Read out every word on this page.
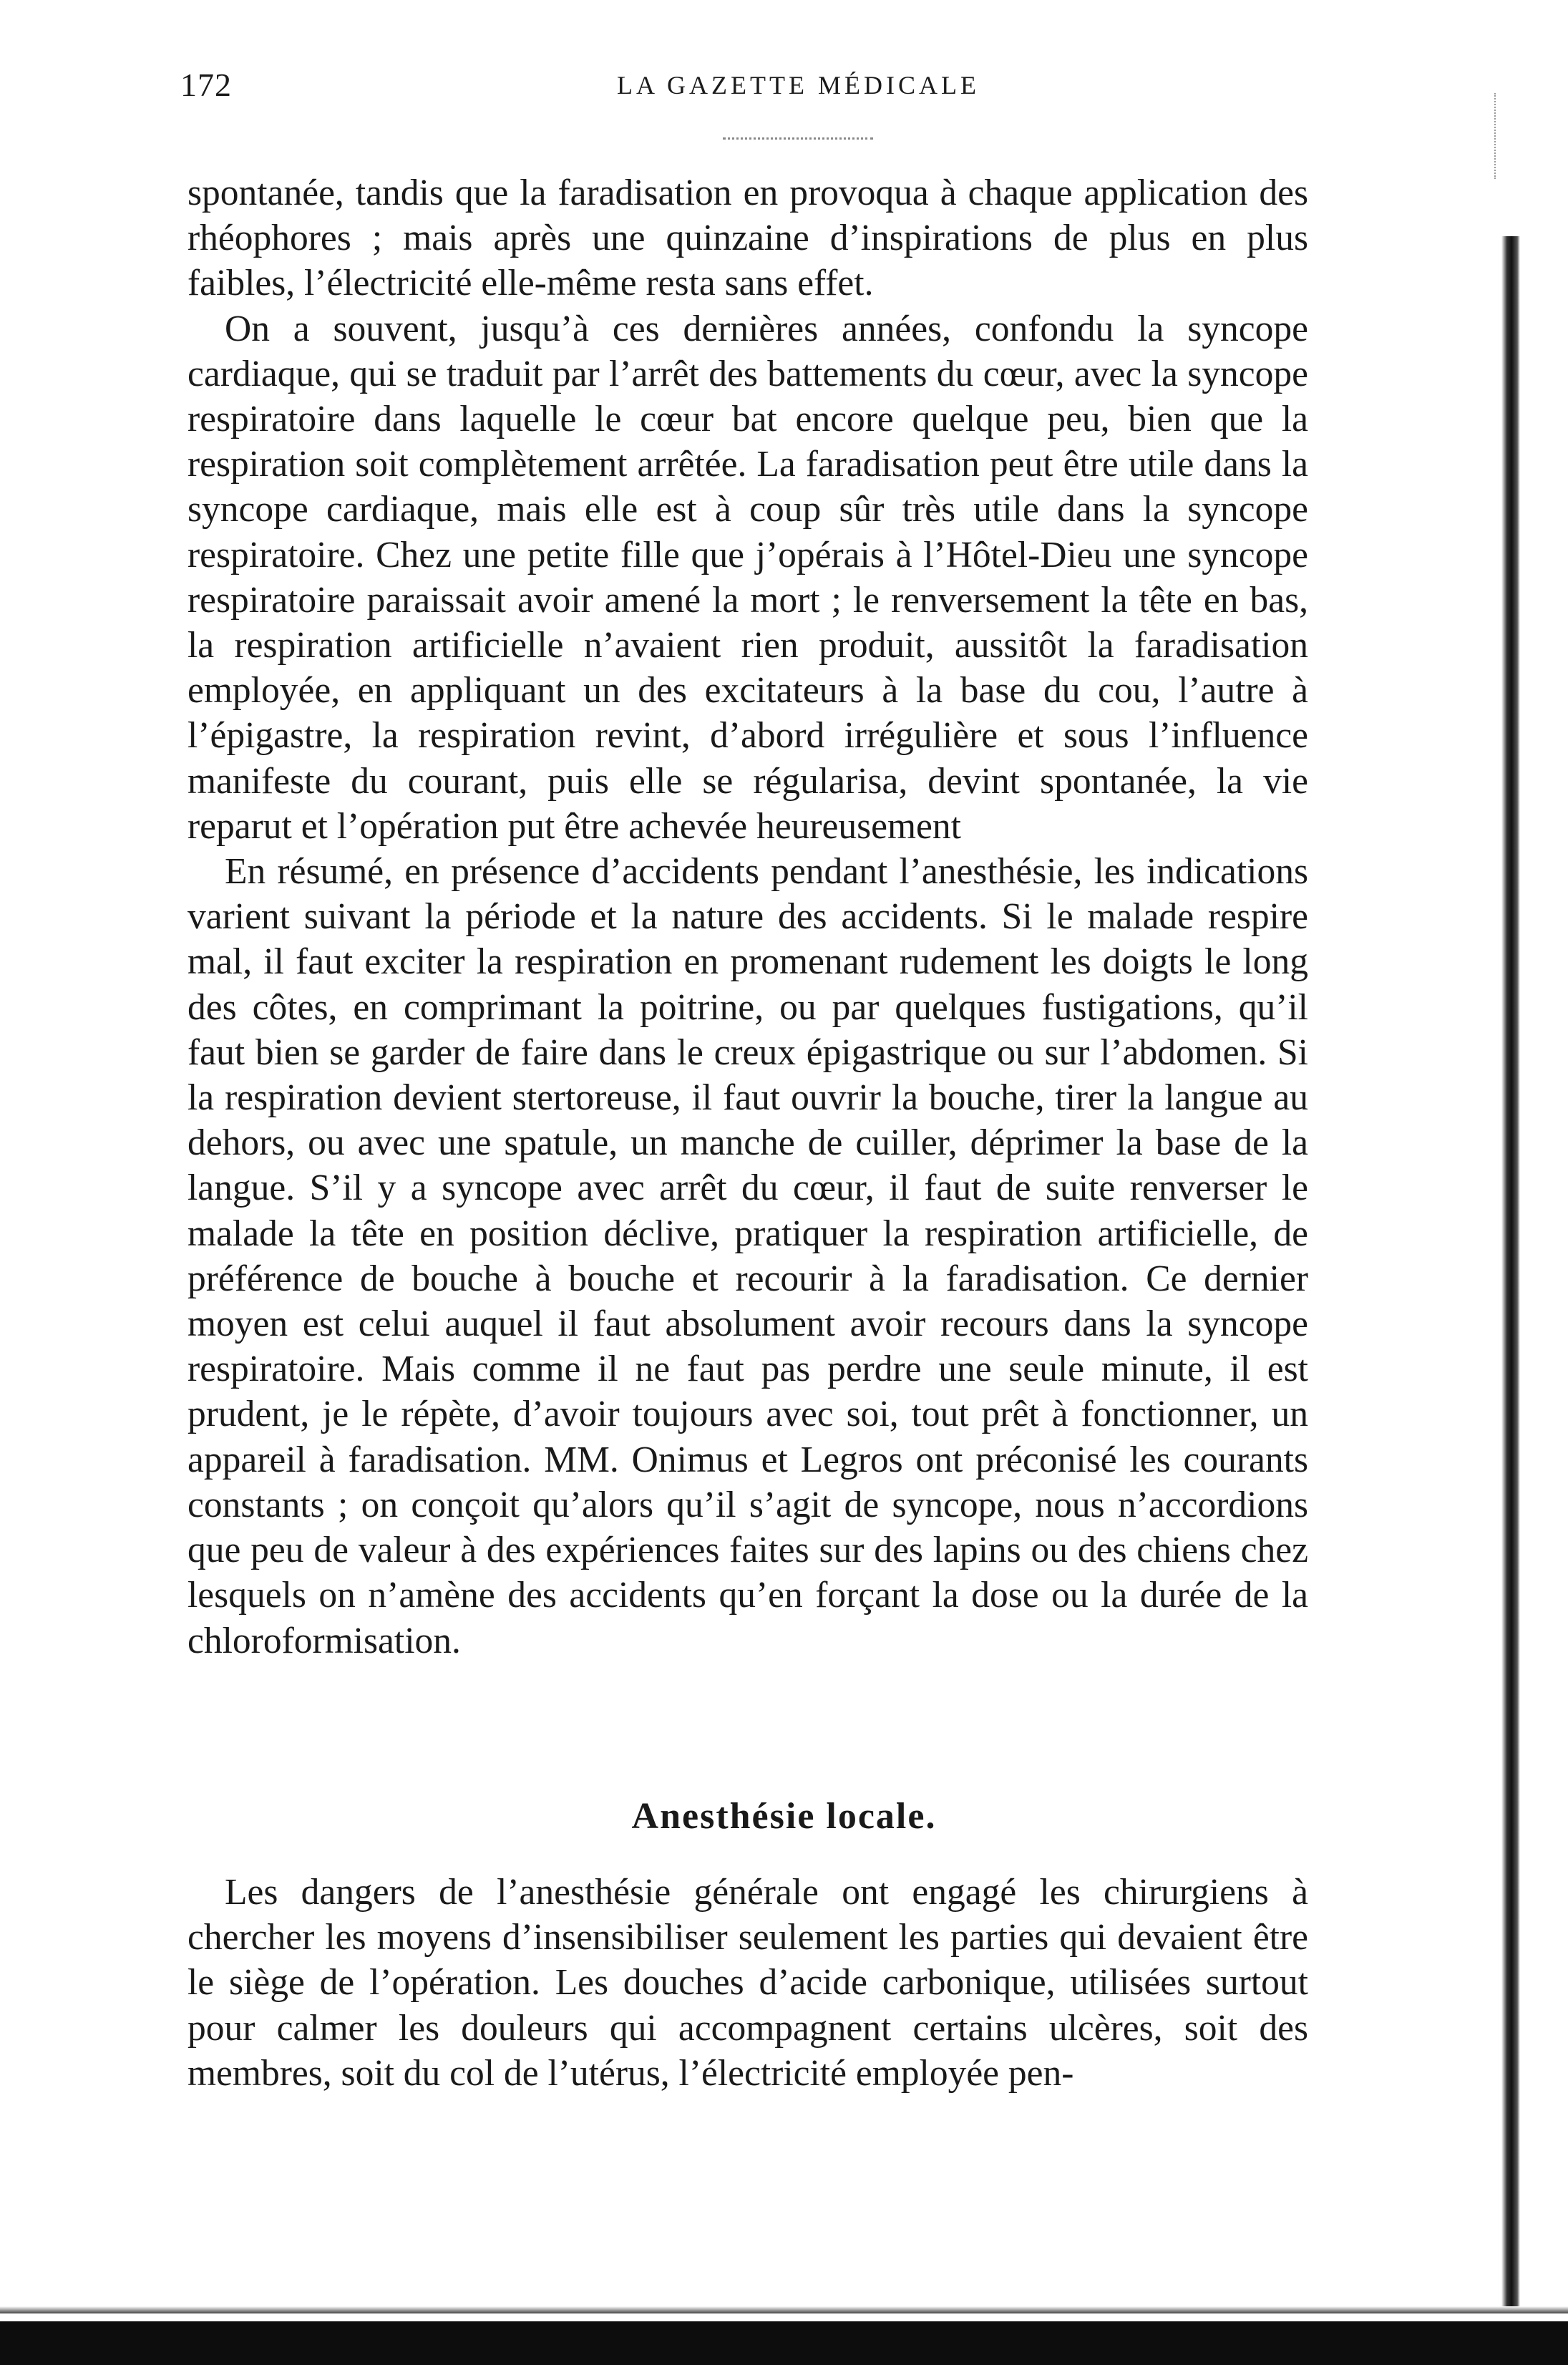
172	LA GAZETTE MÉDICALE

spontanée, tandis que la faradisation en provoqua à chaque application des rhéophores ; mais après une quinzaine d’inspirations de plus en plus faibles, l’électricité elle-même resta sans effet.

On a souvent, jusqu’à ces dernières années, confondu la syncope cardiaque, qui se traduit par l’arrêt des battements du cœur, avec la syncope respiratoire dans laquelle le cœur bat encore quelque peu, bien que la respiration soit complètement arrêtée. La faradisation peut être utile dans la syncope cardiaque, mais elle est à coup sûr très utile dans la syncope respiratoire. Chez une petite fille que j’opérais à l’Hôtel-Dieu une syncope respiratoire paraissait avoir amené la mort ; le renversement la tête en bas, la respiration artificielle n’avaient rien produit, aussitôt la faradisation employée, en appliquant un des excitateurs à la base du cou, l’autre à l’épigastre, la respiration revint, d’abord irrégulière et sous l’influence manifeste du courant, puis elle se régularisa, devint spontanée, la vie reparut et l’opération put être achevée heureusement

En résumé, en présence d’accidents pendant l’anesthésie, les indications varient suivant la période et la nature des accidents. Si le malade respire mal, il faut exciter la respiration en promenant rudement les doigts le long des côtes, en comprimant la poitrine, ou par quelques fustigations, qu’il faut bien se garder de faire dans le creux épigastrique ou sur l’abdomen. Si la respiration devient stertoreuse, il faut ouvrir la bouche, tirer la langue au dehors, ou avec une spatule, un manche de cuiller, déprimer la base de la langue. S’il y a syncope avec arrêt du cœur, il faut de suite renverser le malade la tête en position déclive, pratiquer la respiration artificielle, de préférence de bouche à bouche et recourir à la faradisation. Ce dernier moyen est celui auquel il faut absolument avoir recours dans la syncope respiratoire. Mais comme il ne faut pas perdre une seule minute, il est prudent, je le répète, d’avoir toujours avec soi, tout prêt à fonctionner, un appareil à faradisation. MM. Onimus et Legros ont préconisé les courants constants ; on conçoit qu’alors qu’il s’agit de syncope, nous n’accordions que peu de valeur à des expériences faites sur des lapins ou des chiens chez lesquels on n’amène des accidents qu’en forçant la dose ou la durée de la chloroformisation.

Anesthésie locale.

Les dangers de l’anesthésie générale ont engagé les chirurgiens à chercher les moyens d’insensibiliser seulement les parties qui devaient être le siège de l’opération. Les douches d’acide carbonique, utilisées surtout pour calmer les douleurs qui accompagnent certains ulcères, soit des membres, soit du col de l’utérus, l’électricité employée pen-
